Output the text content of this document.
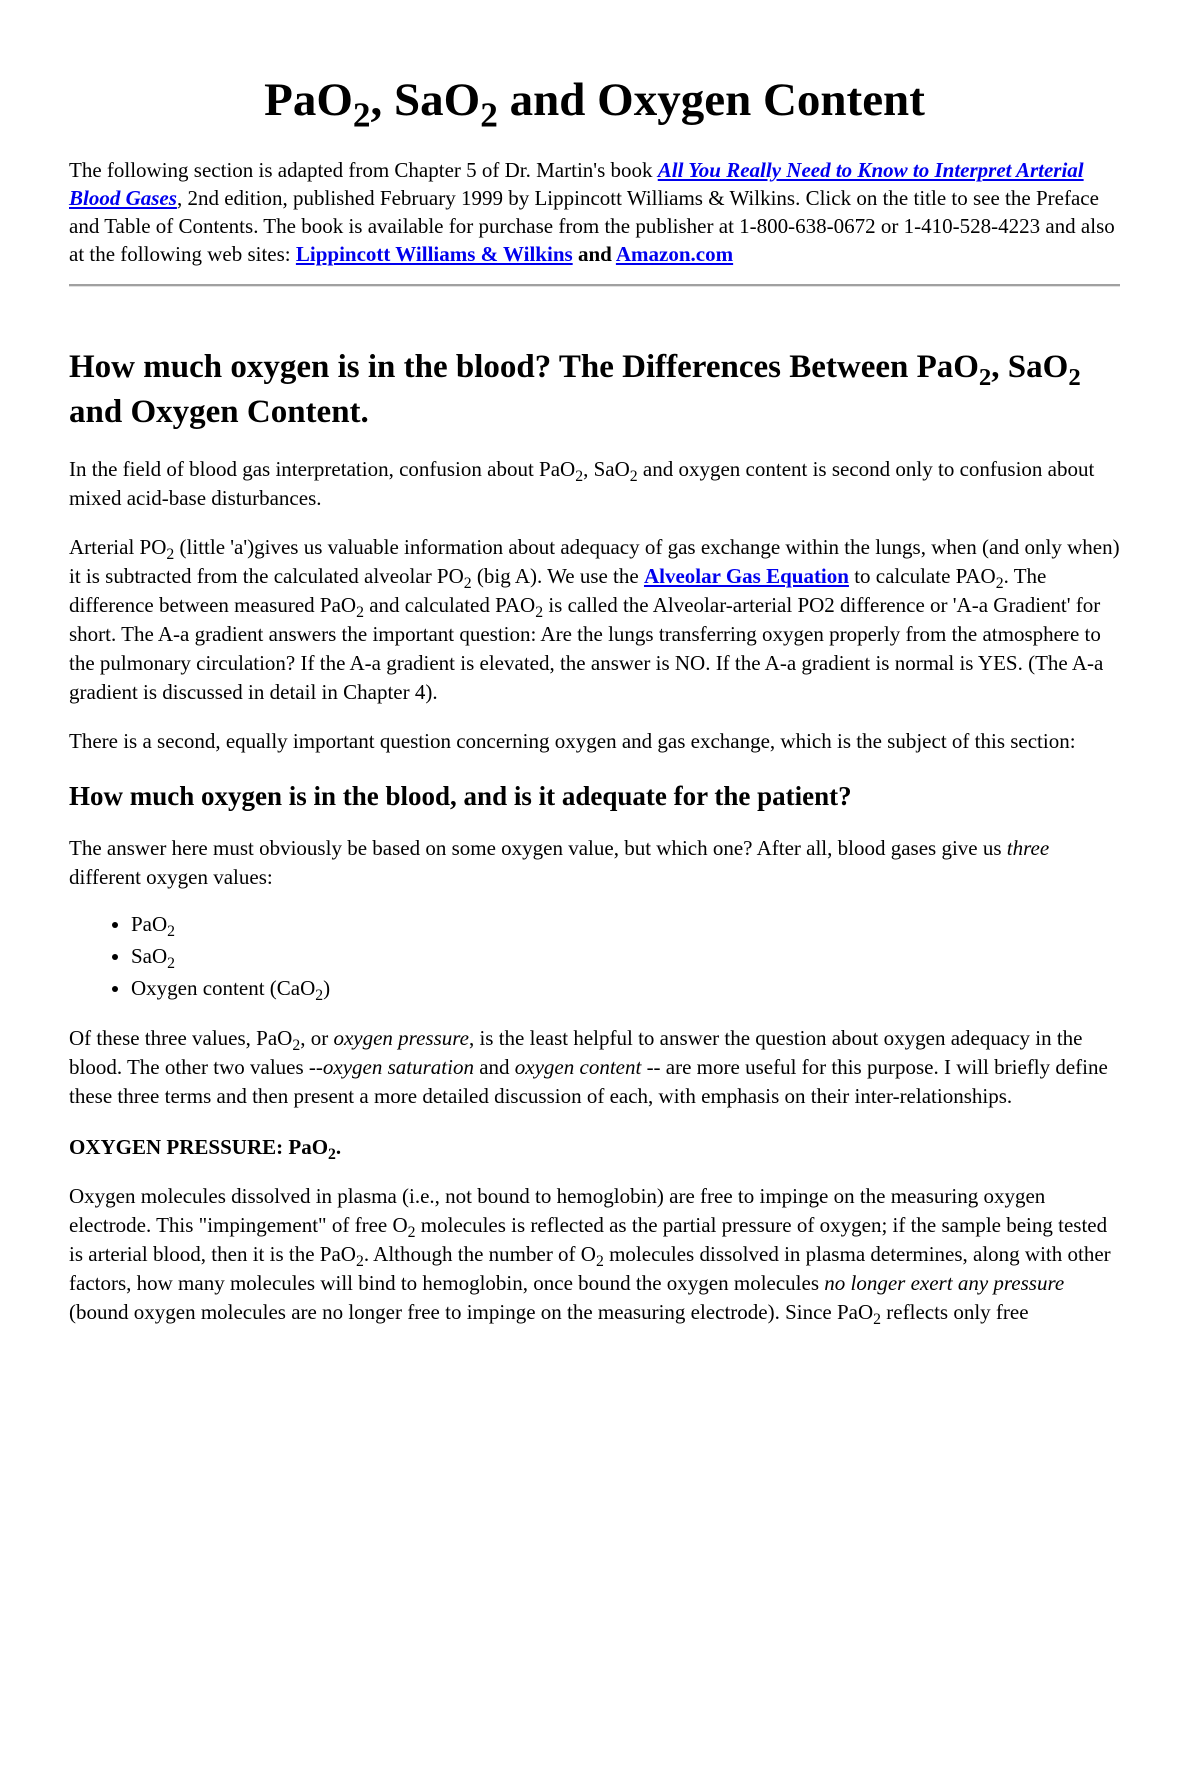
PaO$_2$, SaO$_2$ and Oxygen Content

The following section is adapted from Chapter 5 of Dr. Martin's book All You Really Need to Know to Interpret Arterial Blood Gases, 2nd edition, published February 1999 by Lippincott Williams & Wilkins. Click on the title to see the Preface and Table of Contents. The book is available for purchase from the publisher at 1-800-638-0672 or 1-410-528-4223 and also at the following web sites: Lippincott Williams & Wilkins and Amazon.com

How much oxygen is in the blood? The Differences Between PaO$_2$, SaO$_2$ and Oxygen Content.

In the field of blood gas interpretation, confusion about PaO$_2$, SaO$_2$ and oxygen content is second only to confusion about mixed acid-base disturbances.

Arterial $PO_2$ (little 'a')gives us valuable information about adequacy of gas exchange within the lungs, when (and only when) it is subtracted from the calculated alveolar $PO_2$ (big A). We use the Alveolar Gas Equation to calculate $PAO_2$. The difference between measured PaO$_2$ and calculated $PAO_2$ is called the Alveolar-arterial PO2 difference or 'A-a Gradient' for short. The A-a gradient answers the important question: Are the lungs transferring oxygen properly from the atmosphere to the pulmonary circulation? If the A-a gradient is elevated, the answer is NO. If the A-a gradient is normal is YES. (The A-a gradient is discussed in detail in Chapter 4).

There is a second, equally important question concerning oxygen and gas exchange, which is the subject of this section:

How much oxygen is in the blood, and is it adequate for the patient?

The answer here must obviously be based on some oxygen value, but which one? After all, blood gases give us three different oxygen values:

• PaO$_2$
• SaO$_2$
• Oxygen content (CaO$_2$)

Of these three values, PaO$_2$, or oxygen pressure, is the least helpful to answer the question about oxygen adequacy in the blood. The other two values --oxygen saturation and oxygen content -- are more useful for this purpose. I will briefly define these three terms and then present a more detailed discussion of each, with emphasis on their inter-relationships.

OXYGEN PRESSURE: PaO$_2$.

Oxygen molecules dissolved in plasma (i.e., not bound to hemoglobin) are free to impinge on the measuring oxygen electrode. This "impingement" of free $O_2$ molecules is reflected as the partial pressure of oxygen; if the sample being tested is arterial blood, then it is the PaO$_2$. Although the number of $O_2$ molecules dissolved in plasma determines, along with other factors, how many molecules will bind to hemoglobin, once bound the oxygen molecules no longer exert any pressure (bound oxygen molecules are no longer free to impinge on the measuring electrode). Since PaO$_2$ reflects only free
